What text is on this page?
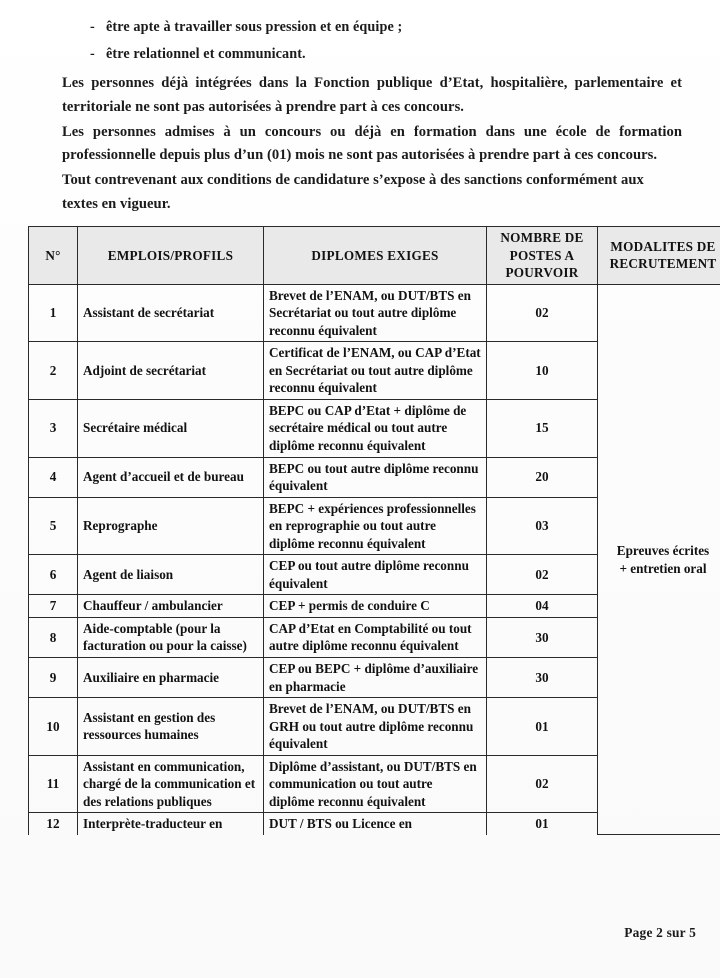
- être apte à travailler sous pression et en équipe ;
- être relationnel et communicant.

Les personnes déjà intégrées dans la Fonction publique d’Etat, hospitalière, parlementaire et territoriale ne sont pas autorisées à prendre part à ces concours.

Les personnes admises à un concours ou déjà en formation dans une école de formation professionnelle depuis plus d’un (01) mois ne sont pas autorisées à prendre part à ces concours.

Tout contrevenant aux conditions de candidature s’expose à des sanctions conformément aux textes en vigueur.

N°	EMPLOIS/PROFILS	DIPLOMES EXIGES	NOMBRE DE POSTES A POURVOIR	MODALITES DE RECRUTEMENT
1	Assistant de secrétariat	Brevet de l’ENAM, ou DUT/BTS en Secrétariat ou tout autre diplôme reconnu équivalent	02	Epreuves écrites
+ entretien oral

2	Adjoint de secrétariat	Certificat de l’ENAM, ou CAP d’Etat en Secrétariat ou tout autre diplôme reconnu équivalent	10	
3	Secrétaire médical	BEPC ou CAP d’Etat + diplôme de secrétaire médical ou tout autre diplôme reconnu équivalent	15	
4	Agent d’accueil et de bureau	BEPC ou tout autre diplôme reconnu équivalent	20	
5	Reprographe	BEPC + expériences professionnelles en reprographie ou tout autre diplôme reconnu équivalent	03	
6	Agent de liaison	CEP ou tout autre diplôme reconnu équivalent	02	
7	Chauffeur / ambulancier	CEP + permis de conduire C	04	
8	Aide-comptable (pour la facturation ou pour la caisse)	CAP d’Etat en Comptabilité ou tout autre diplôme reconnu équivalent	30	
9	Auxiliaire en pharmacie	CEP ou BEPC + diplôme d’auxiliaire en pharmacie	30	
10	Assistant en gestion des ressources humaines	Brevet de l’ENAM, ou DUT/BTS en GRH ou tout autre diplôme reconnu équivalent	01	
11	Assistant en communication, chargé de la communication et des relations publiques	Diplôme d’assistant, ou DUT/BTS en communication ou tout autre diplôme reconnu équivalent	02	
12	Interprète-traducteur en	DUT / BTS ou Licence en	01	
Page 2 sur 5
